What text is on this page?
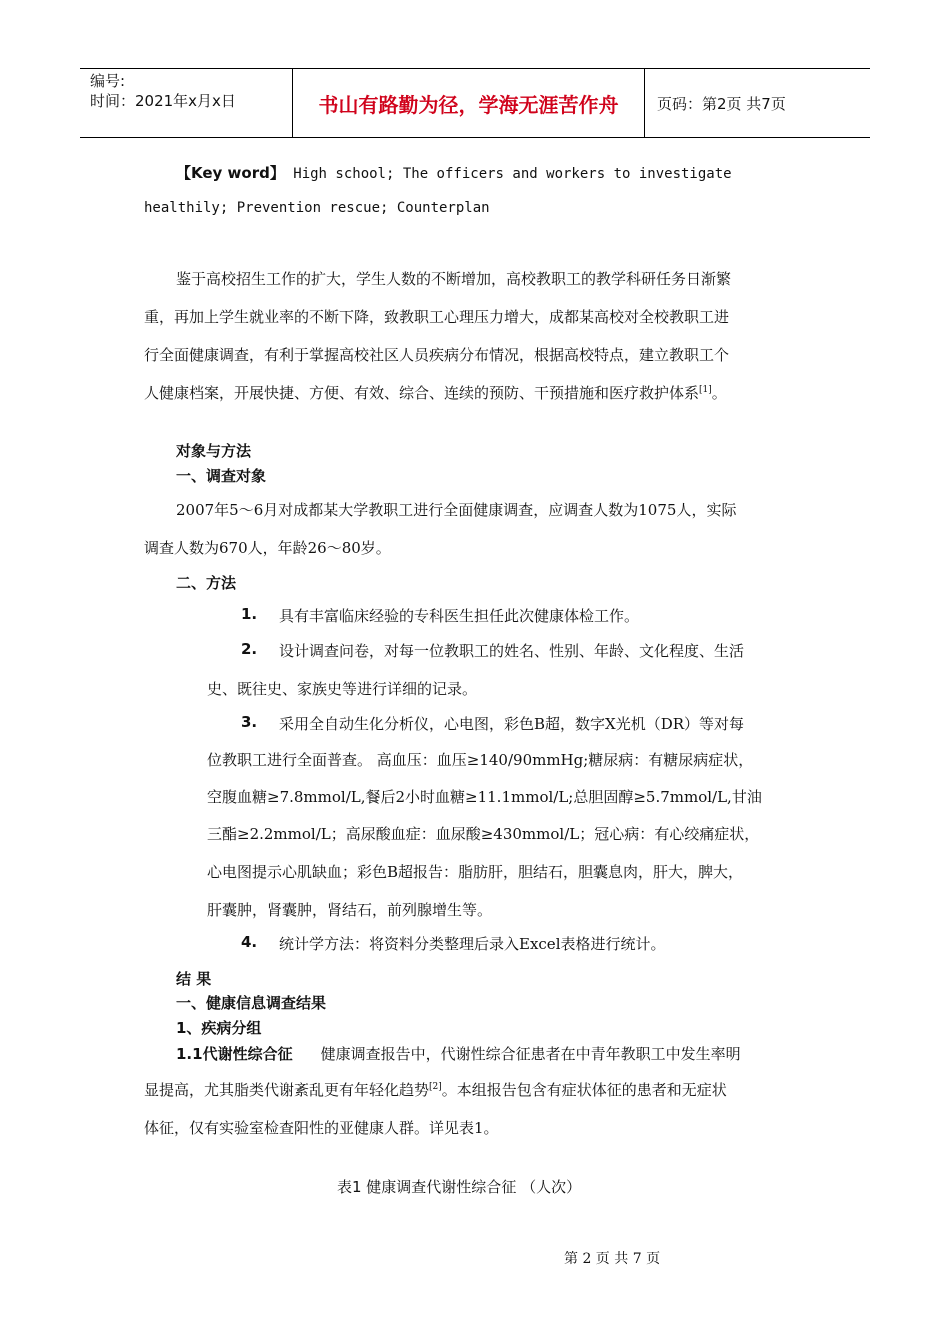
编号:
时间：2021年x月x日	书山有路勤为径，学海无涯苦作舟	页码：第2页 共7页
【Key word】 High school; The officers and workers to investigate
healthily; Prevention rescue; Counterplan
鉴于高校招生工作的扩大，学生人数的不断增加，高校教职工的教学科研任务日渐繁
重，再加上学生就业率的不断下降，致教职工心理压力增大，成都某高校对全校教职工进
行全面健康调查，有利于掌握高校社区人员疾病分布情况，根据高校特点，建立教职工个
人健康档案，开展快捷、方便、有效、综合、连续的预防、干预措施和医疗救护体系[1]。
对象与方法
一、调查对象
2007年5～6月对成都某大学教职工进行全面健康调查，应调查人数为1075人，实际
调查人数为670人，年龄26～80岁。
二、方法
1. 具有丰富临床经验的专科医生担任此次健康体检工作。
2. 设计调查问卷，对每一位教职工的姓名、性别、年龄、文化程度、生活
史、既往史、家族史等进行详细的记录。
3. 采用全自动生化分析仪，心电图，彩色B超，数字X光机（DR）等对每
位教职工进行全面普查。 高血压：血压≥140/90mmHg;糖尿病：有糖尿病症状，
空腹血糖≥7.8mmol/L,餐后2小时血糖≥11.1mmol/L;总胆固醇≥5.7mmol/L,甘油
三酯≥2.2mmol/L；高尿酸血症：血尿酸≥430mmol/L；冠心病：有心绞痛症状，
心电图提示心肌缺血；彩色B超报告：脂肪肝，胆结石，胆囊息肉，肝大，脾大，
肝囊肿，肾囊肿，肾结石，前列腺增生等。
4. 统计学方法：将资料分类整理后录入Excel表格进行统计。
结 果
一、健康信息调查结果
1、疾病分组
1.1代谢性综合征 健康调查报告中，代谢性综合征患者在中青年教职工中发生率明
显提高，尤其脂类代谢紊乱更有年轻化趋势[2]。本组报告包含有症状体征的患者和无症状
体征，仅有实验室检查阳性的亚健康人群。详见表1。
表1 健康调查代谢性综合征 （人次）
第 2 页 共 7 页
